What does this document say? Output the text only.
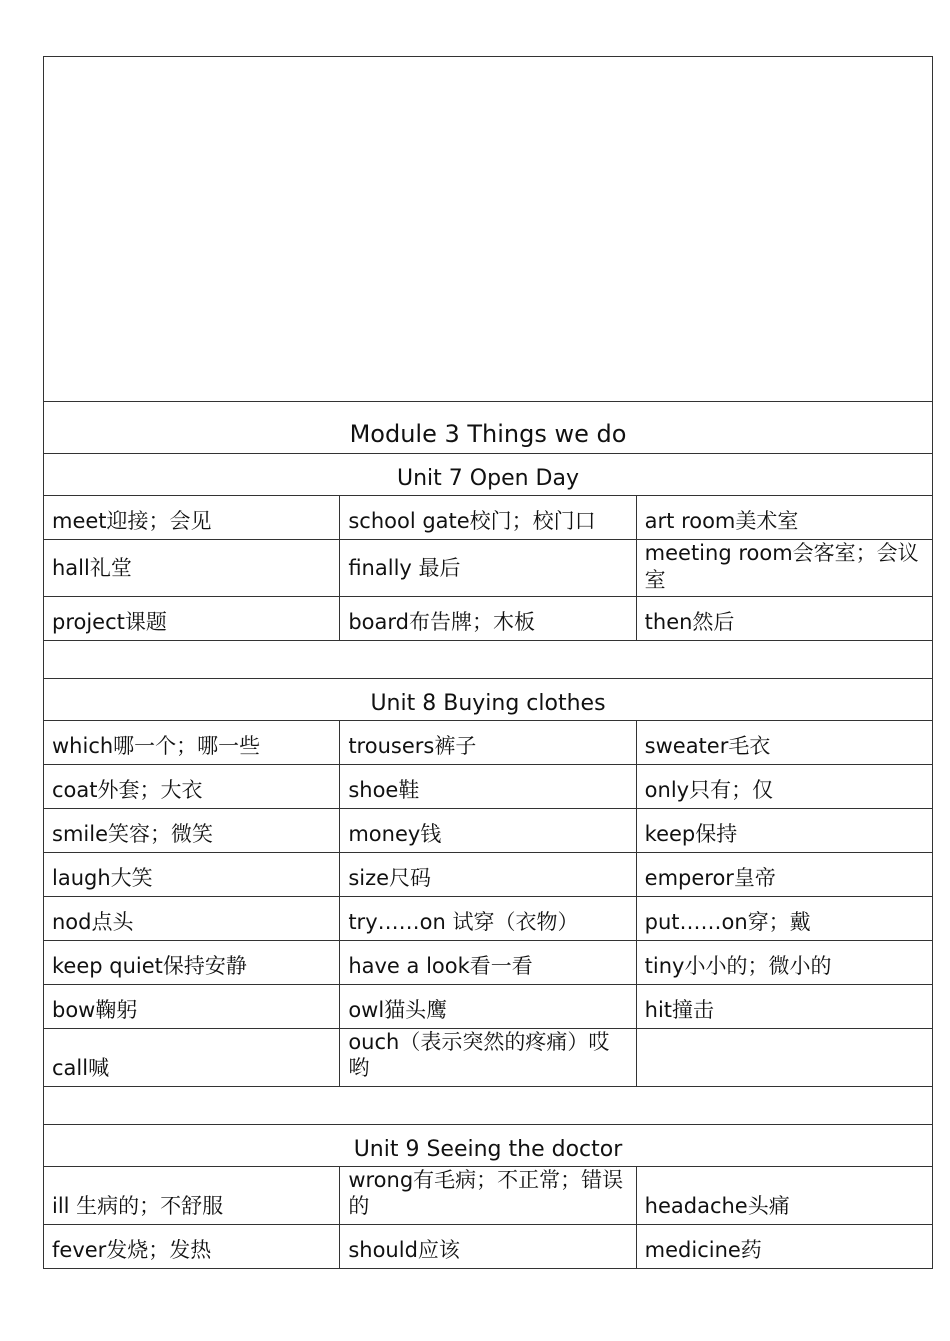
Module 3 Things we do		
Unit 7 Open Day		
meet迎接；会见	school gate校门；校门口	art room美术室
hall礼堂	finally 最后	meeting room会客室；会议室

project课题	board布告牌；木板	then然后

Unit 8 Buying clothes		
which哪一个；哪一些	trousers裤子	sweater毛衣
coat外套；大衣	shoe鞋	only只有；仅
smile笑容；微笑	money钱	keep保持
laugh大笑	size尺码	emperor皇帝
nod点头	try……on 试穿（衣物）	put……on穿；戴
keep quiet保持安静	have a look看一看	tiny小小的；微小的
bow鞠躬	owl猫头鹰	hit撞击
call喊	ouch（表示突然的疼痛）哎哟	

Unit 9 Seeing the doctor		
ill 生病的；不舒服	wrong有毛病；不正常；错误的	headache头痛
fever发烧；发热	should应该	medicine药
